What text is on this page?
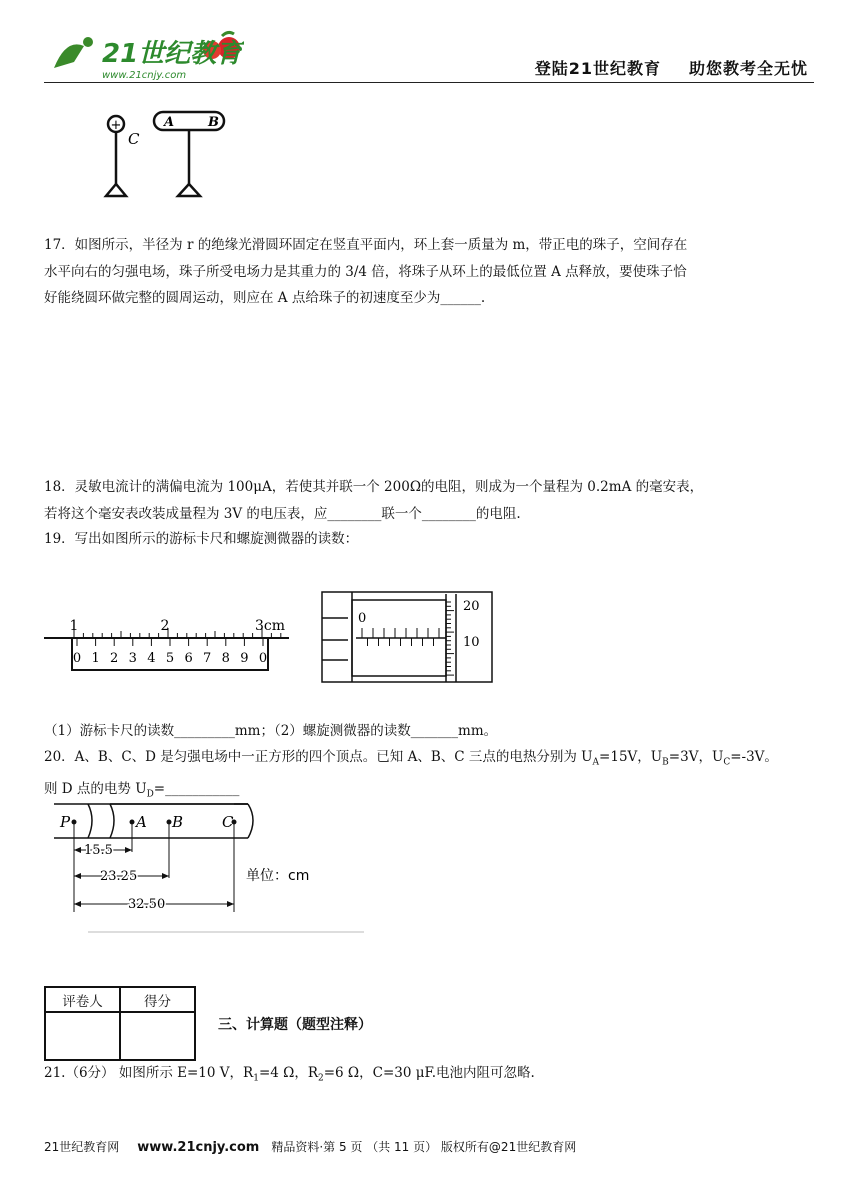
21世纪教育
www.21cnjy.com	登陆21世纪教育 助您教考全无忧
+
C
A	B
17．如图所示，半径为 r 的绝缘光滑圆环固定在竖直平面内，环上套一质量为 m，带正电的珠子，空间存在
水平向右的匀强电场，珠子所受电场力是其重力的 3/4 倍，将珠子从环上的最低位置 A 点释放，要使珠子恰
好能绕圆环做完整的圆周运动，则应在 A 点给珠子的初速度至少为______.
18．灵敏电流计的满偏电流为 100μA，若使其并联一个 200Ω的电阻，则成为一个量程为 0.2mA 的毫安表，
若将这个毫安表改装成量程为 3V 的电压表，应________联一个________的电阻.
19．写出如图所示的游标卡尺和螺旋测微器的读数：
1	2	3cm
0 1 2 3 4 5 6 7 8 9 0
0
20
10
（1）游标卡尺的读数_________mm；（2）螺旋测微器的读数_______mm。
20．A、B、C、D 是匀强电场中一正方形的四个顶点。已知 A、B、C 三点的电热分别为 $U_A=15V$，$U_B=3V$，$U_C=-3V$。
则 D 点的电势 $U_D=\_\_\_\_\_\_\_\_\_\_\_$
P	A B	C
15.5
23.25
32.50
单位：cm
评卷人	得分

三、计算题（题型注释）
21.（6分） 如图所示 E=10 V，$R_1=4$ Ω，$R_2=6$ Ω，C=30 μF.电池内阻可忽略.
21世纪教育网 www.21cnjy.com 精品资料·第 5 页 （共 11 页） 版权所有@21世纪教育网
